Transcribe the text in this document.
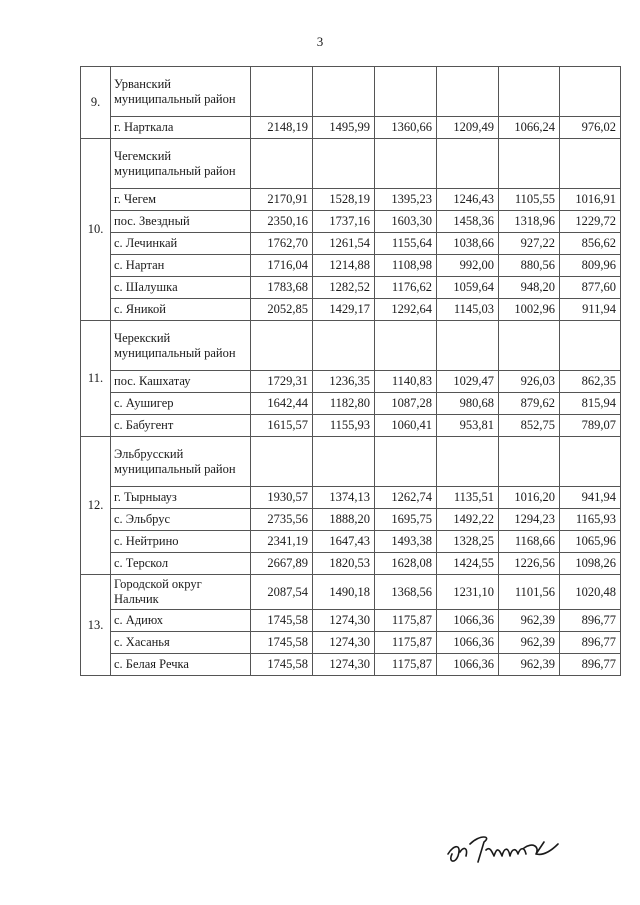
3
9.	Урванский муниципальный район						
	г. Нарткала	2148,19	1495,99	1360,66	1209,49	1066,24	976,02
10.	Чегемский муниципальный район						
	г. Чегем	2170,91	1528,19	1395,23	1246,43	1105,55	1016,91
	пос. Звездный	2350,16	1737,16	1603,30	1458,36	1318,96	1229,72
	с. Лечинкай	1762,70	1261,54	1155,64	1038,66	927,22	856,62
	с. Нартан	1716,04	1214,88	1108,98	992,00	880,56	809,96
	с. Шалушка	1783,68	1282,52	1176,62	1059,64	948,20	877,60
	с. Яникой	2052,85	1429,17	1292,64	1145,03	1002,96	911,94
11.	Черекский муниципальный район						
	пос. Кашхатау	1729,31	1236,35	1140,83	1029,47	926,03	862,35
	с. Аушигер	1642,44	1182,80	1087,28	980,68	879,62	815,94
	с. Бабугент	1615,57	1155,93	1060,41	953,81	852,75	789,07
12.	Эльбрусский муниципальный район						
	г. Тырныауз	1930,57	1374,13	1262,74	1135,51	1016,20	941,94
	с. Эльбрус	2735,56	1888,20	1695,75	1492,22	1294,23	1165,93
	с. Нейтрино	2341,19	1647,43	1493,38	1328,25	1168,66	1065,96
	с. Терскол	2667,89	1820,53	1628,08	1424,55	1226,56	1098,26
13.	Городской округ Нальчик	2087,54	1490,18	1368,56	1231,10	1101,56	1020,48
	с. Адиюх	1745,58	1274,30	1175,87	1066,36	962,39	896,77
	с. Хасанья	1745,58	1274,30	1175,87	1066,36	962,39	896,77
	с. Белая Речка	1745,58	1274,30	1175,87	1066,36	962,39	896,77
